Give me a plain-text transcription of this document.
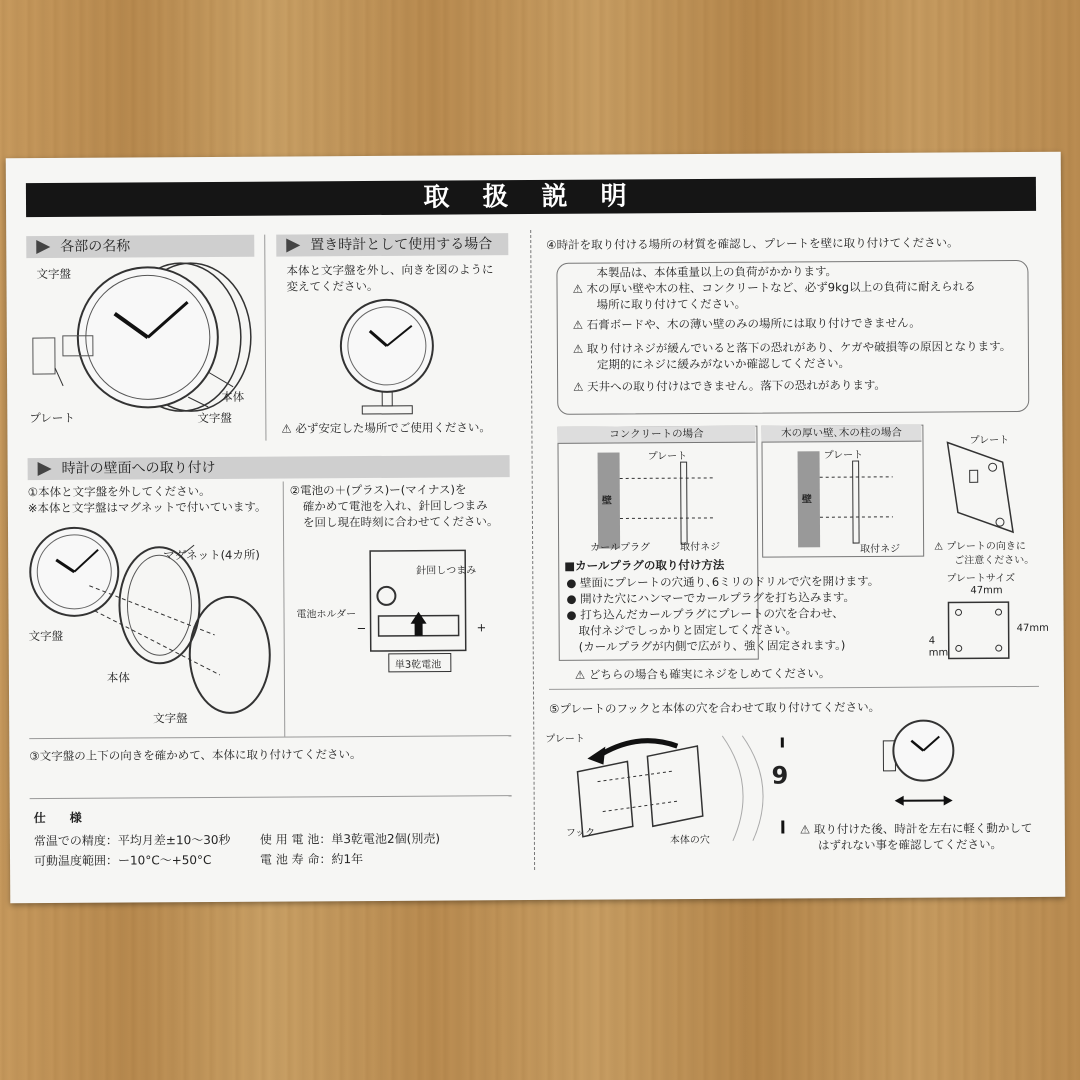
取 扱 説 明
各部の名称
文字盤
本体
文字盤
プレート
置き時計として使用する場合
本体と文字盤を外し、向きを図のように
変えてください。
⚠ 必ず安定した場所でご使用ください。
時計の壁面への取り付け
①本体と文字盤を外してください。
※本体と文字盤はマグネットで付いています。
マグネット(4カ所)
文字盤
本体
文字盤
②電池の＋(プラス)ー(マイナス)を
確かめて電池を入れ、針回しつまみ
を回し現在時刻に合わせてください。
針回しつまみ
電池ホルダー
単3乾電池
−	+
③文字盤の上下の向きを確かめて、本体に取り付けてください。
仕　　様
常温での精度：平均月差±10～30秒
可動温度範囲：ー10°C～+50°C
使 用 電 池：単3乾電池2個(別売)
電 池 寿 命：約1年
④時計を取り付ける場所の材質を確認し、プレートを壁に取り付けてください。
本製品は、本体重量以上の負荷がかかります。
⚠ 木の厚い壁や木の柱、コンクリートなど、必ず9kg以上の負荷に耐えられる
場所に取り付けてください。
⚠ 石膏ボードや、木の薄い壁のみの場所には取り付けできません。
⚠ 取り付けネジが緩んでいると落下の恐れがあり、ケガや破損等の原因となります。
定期的にネジに緩みがないか確認してください。
⚠ 天井への取り付けはできません。落下の恐れがあります。
コンクリートの場合	木の厚い壁､木の柱の場合
プレート	プレート
壁	壁
カールプラグ	取付ネジ	取付ネジ
プレート
⚠ プレートの向きに
ご注意ください。
プレートサイズ
47mm
47mm
4
mm
■カールプラグの取り付け方法
● 壁面にプレートの穴通り､6ミリのドリルで穴を開けます。
● 開けた穴にハンマーでカールプラグを打ち込みます。
● 打ち込んだカールプラグにプレートの穴を合わせ、
取付ネジでしっかりと固定してください。
(カールプラグが内側で広がり、強く固定されます。)
⚠ どちらの場合も確実にネジをしめてください。
⑤プレートのフックと本体の穴を合わせて取り付けてください。
プレート
フック
本体の穴
9
⚠ 取り付けた後、時計を左右に軽く動かして
はずれない事を確認してください。
